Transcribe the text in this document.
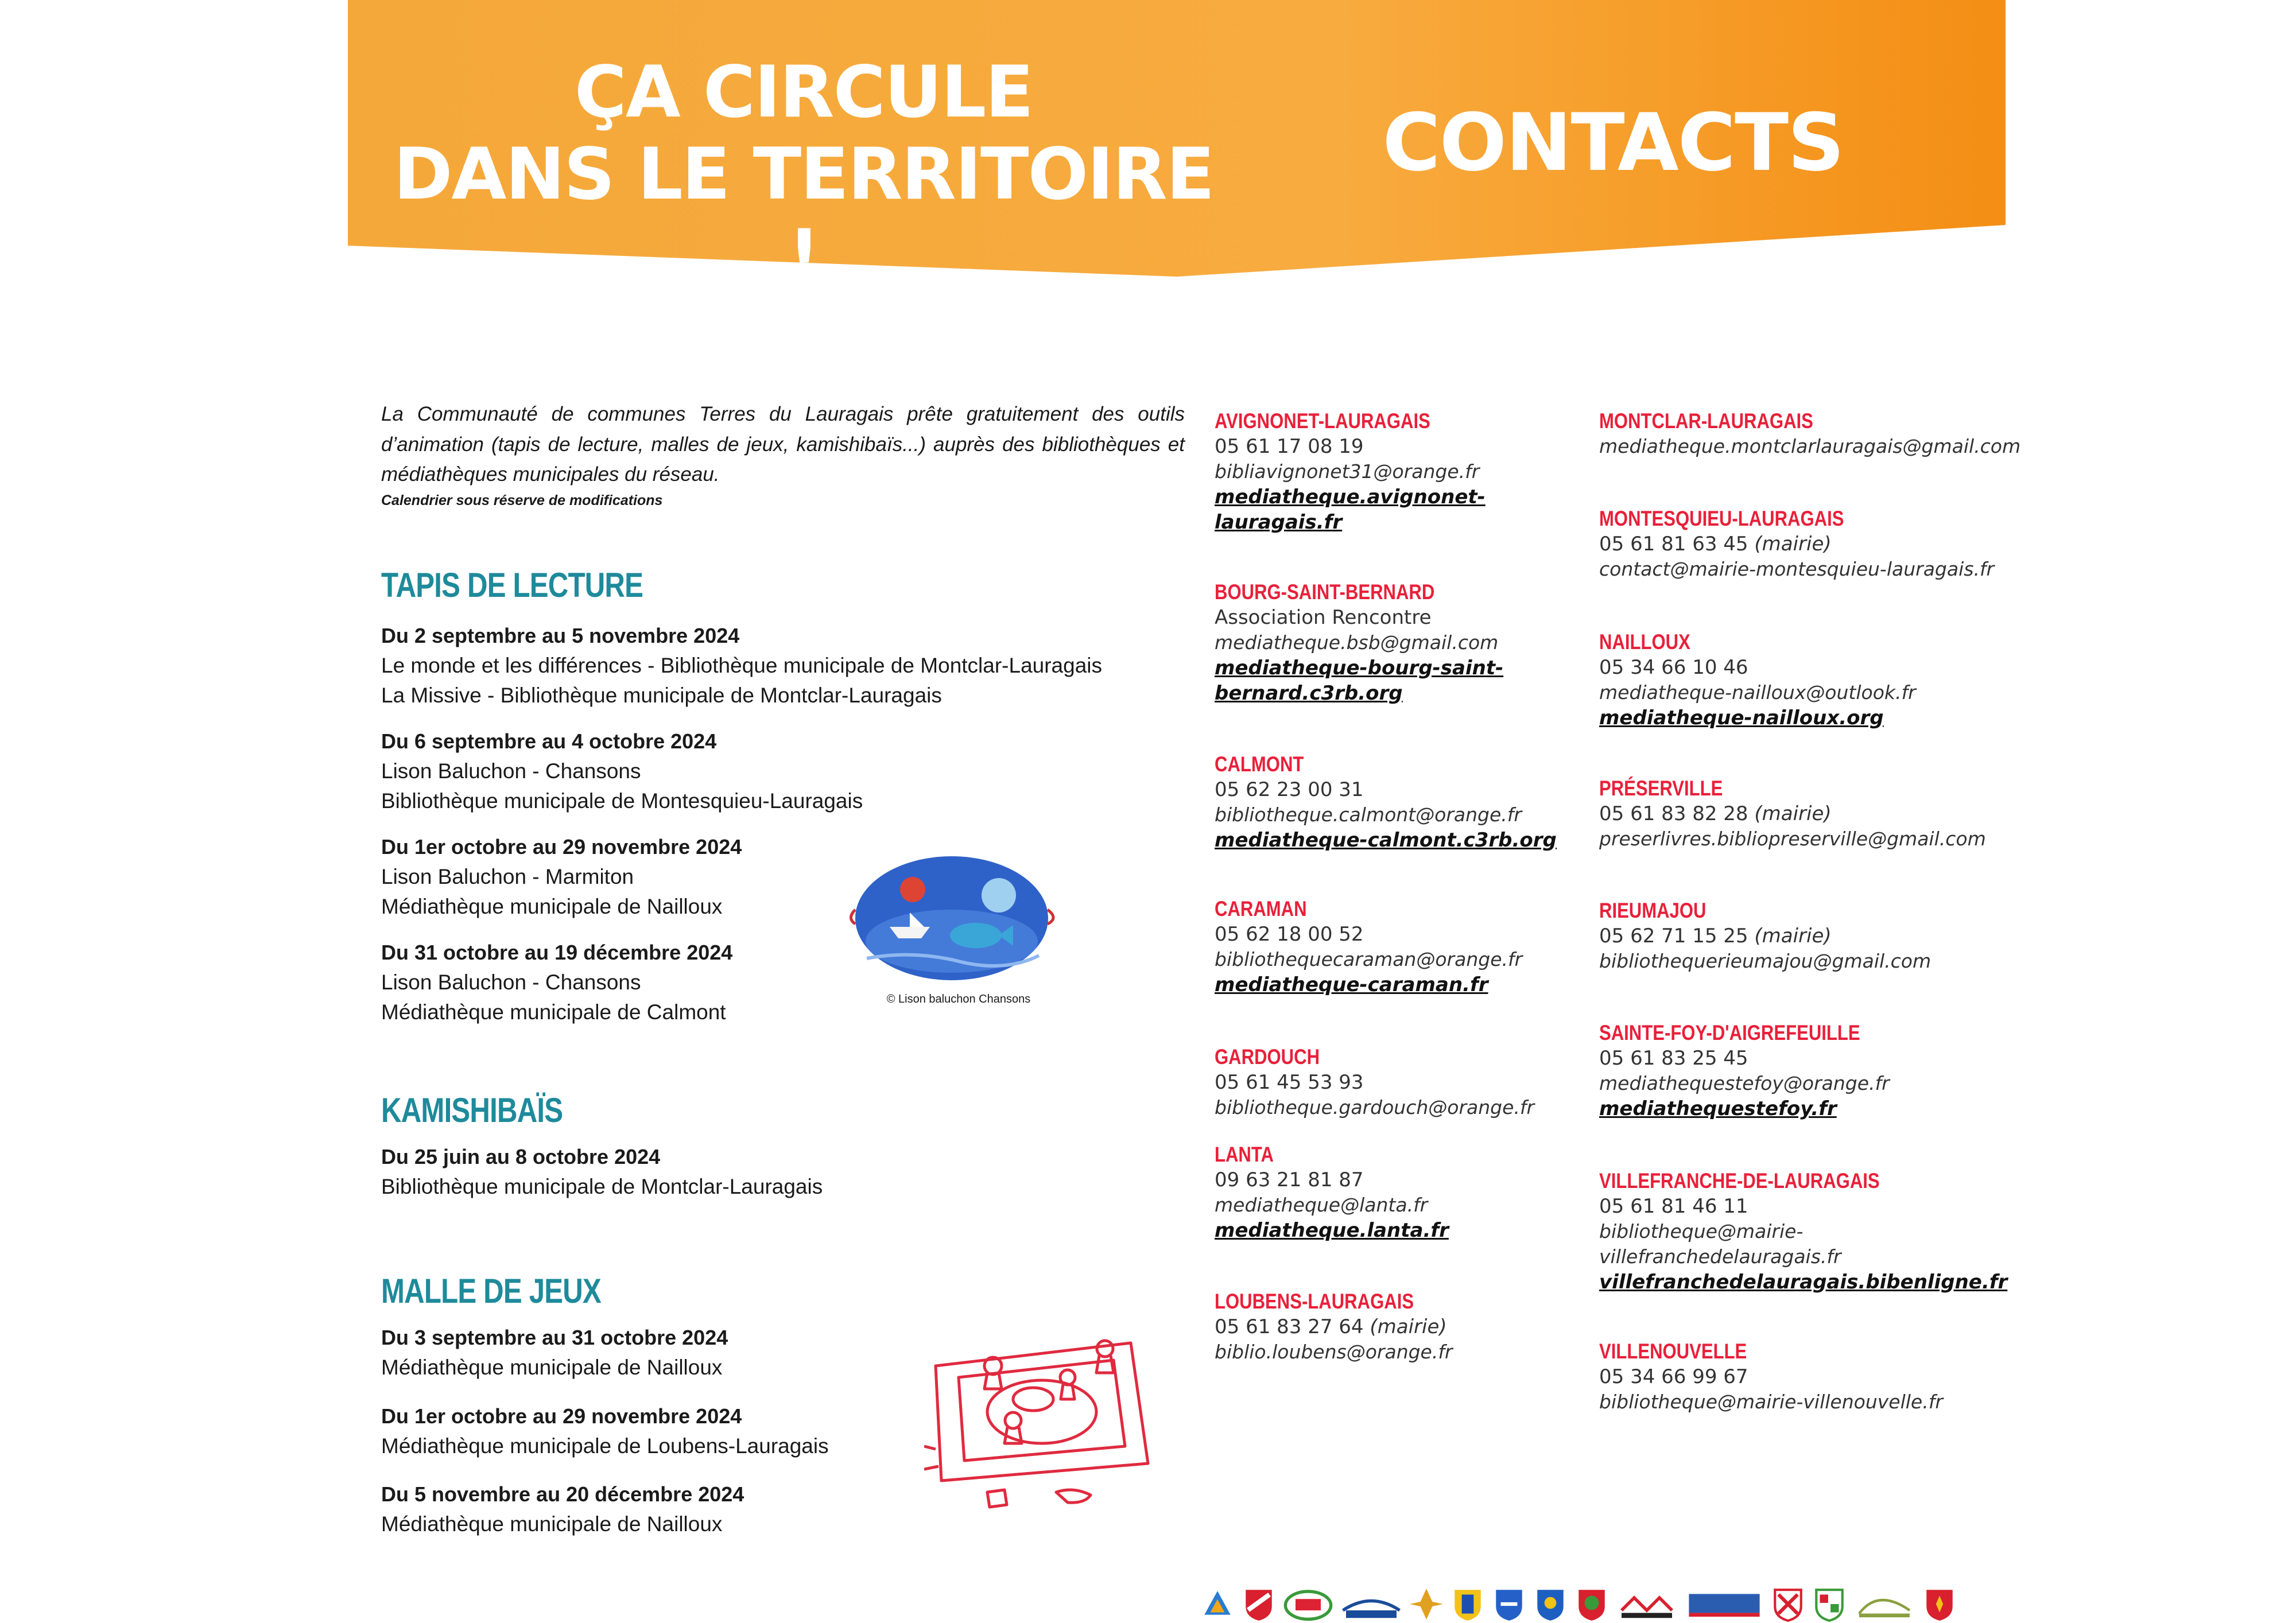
ÇA CIRCULE
DANS LE TERRITOIRE !
CONTACTS
La Communauté de communes Terres du Lauragais prête gratuitement des outils d’animation (tapis de lecture, malles de jeux, kamishibaïs...) auprès des bibliothèques et médiathèques municipales du réseau.
Calendrier sous réserve de modifications
TAPIS DE LECTURE
Du 2 septembre au 5 novembre 2024
Le monde et les différences - Bibliothèque municipale de Montclar-Lauragais
La Missive - Bibliothèque municipale de Montclar-Lauragais
Du 6 septembre au 4 octobre 2024
Lison Baluchon - Chansons
Bibliothèque municipale de Montesquieu-Lauragais
Du 1er octobre au 29 novembre 2024
Lison Baluchon - Marmiton
Médiathèque municipale de Nailloux
Du 31 octobre au 19 décembre 2024
Lison Baluchon - Chansons
Médiathèque municipale de Calmont
© Lison baluchon Chansons
KAMISHIBAÏS
Du 25 juin au 8 octobre 2024
Bibliothèque municipale de Montclar-Lauragais
MALLE DE JEUX
Du 3 septembre au 31 octobre 2024
Médiathèque municipale de Nailloux
Du 1er octobre au 29 novembre 2024
Médiathèque municipale de Loubens-Lauragais
Du 5 novembre au 20 décembre 2024
Médiathèque municipale de Nailloux
AVIGNONET-LAURAGAIS
05 61 17 08 19
bibliavignonet31@orange.fr
mediatheque.avignonet-
lauragais.fr
BOURG-SAINT-BERNARD
Association Rencontre
mediatheque.bsb@gmail.com
mediatheque-bourg-saint-
bernard.c3rb.org
CALMONT
05 62 23 00 31
bibliotheque.calmont@orange.fr
mediatheque-calmont.c3rb.org
CARAMAN
05 62 18 00 52
bibliothequecaraman@orange.fr
mediatheque-caraman.fr
GARDOUCH
05 61 45 53 93
bibliotheque.gardouch@orange.fr
LANTA
09 63 21 81 87
mediatheque@lanta.fr
mediatheque.lanta.fr
LOUBENS-LAURAGAIS
05 61 83 27 64 (mairie)
biblio.loubens@orange.fr
MONTCLAR-LAURAGAIS
mediatheque.montclarlauragais@gmail.com
MONTESQUIEU-LAURAGAIS
05 61 81 63 45 (mairie)
contact@mairie-montesquieu-lauragais.fr
NAILLOUX
05 34 66 10 46
mediatheque-nailloux@outlook.fr
mediatheque-nailloux.org
PRÉSERVILLE
05 61 83 82 28 (mairie)
preserlivres.bibliopreserville@gmail.com
RIEUMAJOU
05 62 71 15 25 (mairie)
bibliothequerieumajou@gmail.com
SAINTE-FOY-D'AIGREFEUILLE
05 61 83 25 45
mediathequestefoy@orange.fr
mediathequestefoy.fr
VILLEFRANCHE-DE-LAURAGAIS
05 61 81 46 11
bibliotheque@mairie-
villefranchedelauragais.fr
villefranchedelauragais.bibenligne.fr
VILLENOUVELLE
05 34 66 99 67
bibliotheque@mairie-villenouvelle.fr
